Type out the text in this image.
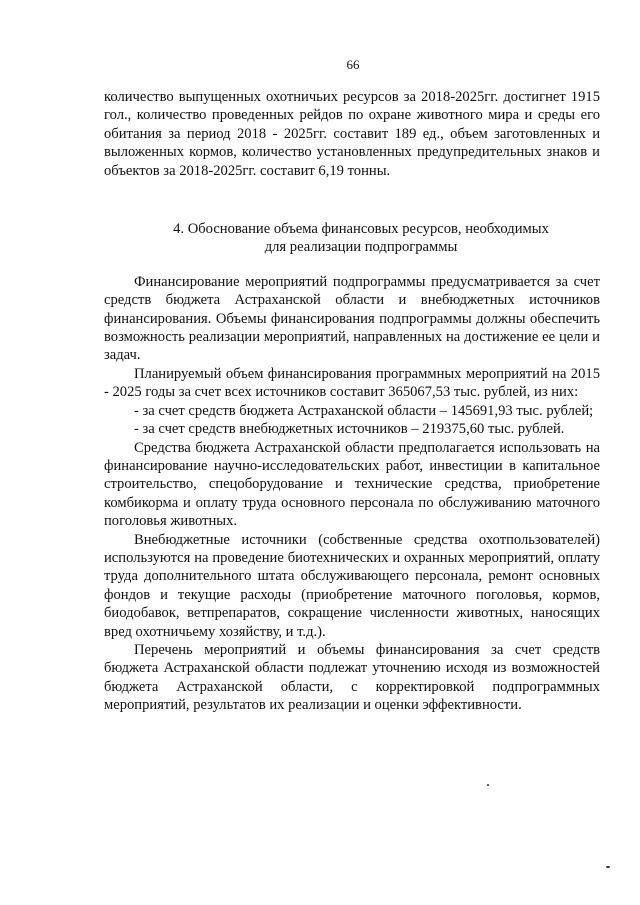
66

количество выпущенных охотничьих ресурсов за 2018-2025гг. достигнет 1915 гол., количество проведенных рейдов по охране животного мира и среды его обитания за период 2018 - 2025гг. составит 189 ед., объем заготовленных и выложенных кормов, количество установленных предупредительных знаков и объектов за 2018-2025гг. составит 6,19 тонны.

4. Обоснование объема финансовых ресурсов, необходимых
для реализации подпрограммы

Финансирование мероприятий подпрограммы предусматривается за счет средств бюджета Астраханской области и внебюджетных источников финансирования. Объемы финансирования подпрограммы должны обеспечить возможность реализации мероприятий, направленных на достижение ее цели и задач.

Планируемый объем финансирования программных мероприятий на 2015 - 2025 годы за счет всех источников составит 365067,53 тыс. рублей, из них:

- за счет средств бюджета Астраханской области – 145691,93 тыс. рублей;

- за счет средств внебюджетных источников – 219375,60 тыс. рублей.

Средства бюджета Астраханской области предполагается использовать на финансирование научно-исследовательских работ, инвестиции в капитальное строительство, спецоборудование и технические средства, приобретение комбикорма и оплату труда основного персонала по обслуживанию маточного поголовья животных.

Внебюджетные источники (собственные средства охотпользователей) используются на проведение биотехнических и охранных мероприятий, оплату труда дополнительного штата обслуживающего персонала, ремонт основных фондов и текущие расходы (приобретение маточного поголовья, кормов, биодобавок, ветпрепаратов, сокращение численности животных, наносящих вред охотничьему хозяйству, и т.д.).

Перечень мероприятий и объемы финансирования за счет средств бюджета Астраханской области подлежат уточнению исходя из возможностей бюджета Астраханской области, с корректировкой подпрограммных мероприятий, результатов их реализации и оценки эффективности.
